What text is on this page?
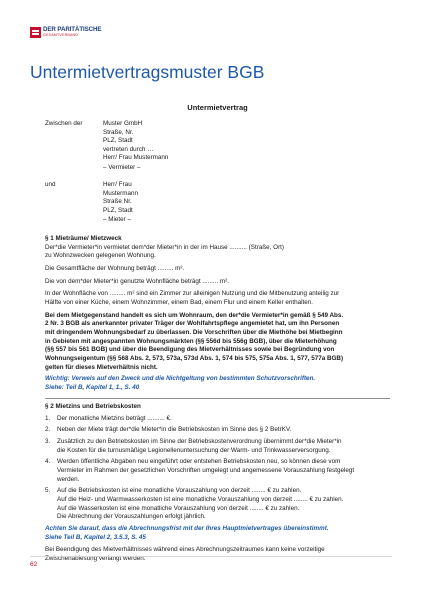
DER PARITÄTISCHE
GESAMTVERBAND
Untermietvertragsmuster BGB
Untermietvertrag
Zwischen der	Muster GmbH
Straße, Nr.
PLZ, Stadt
vertreten durch …
Herr/ Frau Mustermann
– Vermieter –
und	Herr/ Frau
Mustermann
Straße Nr.
PLZ, Stadt
– Mieter –
§ 1 Mieträume/ Mietzweck
Der*die Vermieter*in vermietet dem*der Mieter*in in der im Hause .......... (Straße, Ort)
zu Wohnzwecken gelegenen Wohnung.
Die Gesamtfläche der Wohnung beträgt ......... m².
Die von dem*der Mieter*in genutzte Wohnfläche beträgt ......... m².
In der Wohnfläche von ......... m² sind ein Zimmer zur alleinigen Nutzung und die Mitbenutzung anteilig zur
Hälfte von einer Küche, einem Wohnzimmer, einem Bad, einem Flur und einem Keller enthalten.
Bei dem Mietgegenstand handelt es sich um Wohnraum, den der*die Vermieter*in gemäß § 549 Abs.
2 Nr. 3 BGB als anerkannter privater Träger der Wohlfahrtspflege angemietet hat, um ihn Personen
mit dringendem Wohnungsbedarf zu überlassen. Die Vorschriften über die Miethöhe bei Mietbeginn
in Gebieten mit angespannten Wohnungsmärkten (§§ 556d bis 556g BGB), über die Mieterhöhung
(§§ 557 bis 561 BGB) und über die Beendigung des Mietverhältnisses sowie bei Begründung von
Wohnungseigentum (§§ 568 Abs. 2, 573, 573a, 573d Abs. 1, 574 bis 575, 575a Abs. 1, 577, 577a BGB)
gelten für dieses Mietverhältnis nicht.
Wichtig: Verweis auf den Zweck und die Nichtgeltung von bestimmten Schutzvorschriften.
Siehe: Teil B, Kapitel 1, 1., S. 40
§ 2 Mietzins und Betriebskosten
1.	Der monatliche Mietzins beträgt .......... €.
2.	Neben der Miete trägt der*die Mieter*in die Betriebskosten im Sinne des § 2 BetrKV.
3.	Zusätzlich zu den Betriebskosten im Sinne der Betriebskostenverordnung übernimmt der*die Mieter*in
die Kosten für die turnusmäßige Legionellenuntersuchung der Warm- und Trinkwasserversorgung.
4.	Werden öffentliche Abgaben neu eingeführt oder entstehen Betriebskosten neu, so können diese vom
Vermieter im Rahmen der gesetzlichen Vorschriften umgelegt und angemessene Vorauszahlung festgelegt
werden.
5.	Auf die Betriebskosten ist eine monatliche Vorauszahlung von derzeit ........ € zu zahlen.
Auf die Heiz- und Warmwasserkosten ist eine monatliche Vorauszahlung von derzeit ........ € zu zahlen.
Auf die Wasserkosten ist eine monatliche Vorauszahlung von derzeit ........ € zu zahlen.
Die Abrechnung der Vorauszahlungen erfolgt jährlich.
Achten Sie darauf, dass die Abrechnungsfrist mit der Ihres Hauptmietvertrages übereinstimmt.
Siehe Teil B, Kapitel 2, 3.5.3, S. 45
Bei Beendigung des Mietverhältnisses während eines Abrechnungszeitraumes kann keine vorzeitige
Zwischenablesung verlangt werden.
62
